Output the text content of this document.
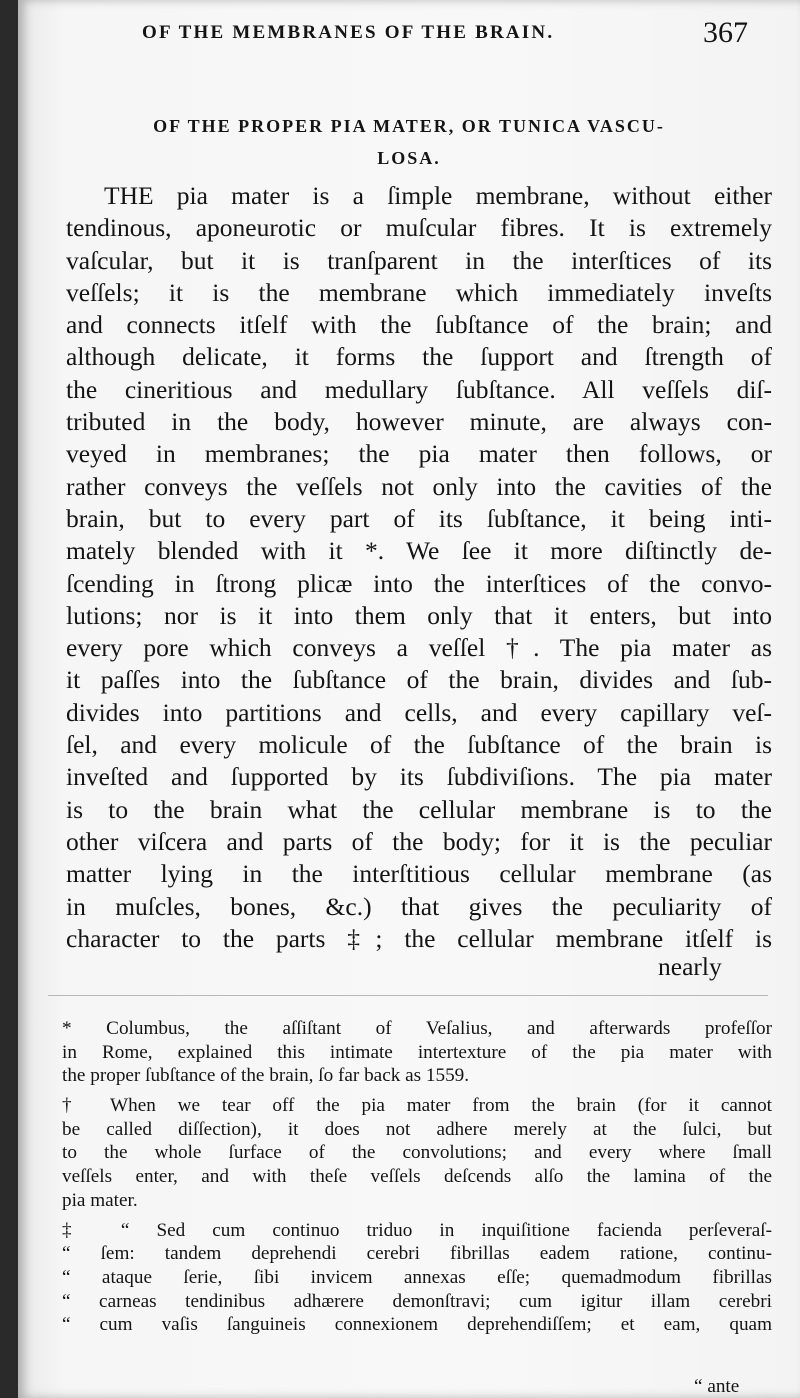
OF THE MEMBRANES OF THE BRAIN.	367
OF THE PROPER PIA MATER, OR TUNICA VASCU-
LOSA.
THE pia mater is a ſimple membrane, without either
tendinous, aponeurotic or muſcular fibres. It is extremely
vaſcular, but it is tranſparent in the interſtices of its
veſſels; it is the membrane which immediately inveſts
and connects itſelf with the ſubſtance of the brain; and
although delicate, it forms the ſupport and ſtrength of
the cineritious and medullary ſubſtance. All veſſels diſ-
tributed in the body, however minute, are always con-
veyed in membranes; the pia mater then follows, or
rather conveys the veſſels not only into the cavities of the
brain, but to every part of its ſubſtance, it being inti-
mately blended with it *. We ſee it more diſtinctly de-
ſcending in ſtrong plicæ into the interſtices of the convo-
lutions; nor is it into them only that it enters, but into
every pore which conveys a veſſel †. The pia mater as
it paſſes into the ſubſtance of the brain, divides and ſub-
divides into partitions and cells, and every capillary veſ-
ſel, and every molicule of the ſubſtance of the brain is
inveſted and ſupported by its ſubdiviſions. The pia mater
is to the brain what the cellular membrane is to the
other viſcera and parts of the body; for it is the peculiar
matter lying in the interſtitious cellular membrane (as
in muſcles, bones, &c.) that gives the peculiarity of
character to the parts ‡; the cellular membrane itſelf is
nearly
* Columbus, the aſſiſtant of Veſalius, and afterwards profeſſor
in Rome, explained this intimate intertexture of the pia mater with
the proper ſubſtance of the brain, ſo far back as 1559.
† When we tear off the pia mater from the brain (for it cannot
be called diſſection), it does not adhere merely at the ſulci, but
to the whole ſurface of the convolutions; and every where ſmall
veſſels enter, and with theſe veſſels deſcends alſo the lamina of the
pia mater.
‡ “ Sed cum continuo triduo in inquiſitione facienda perſeveraſ-
“ ſem: tandem deprehendi cerebri fibrillas eadem ratione, continu-
“ ataque ſerie, ſibi invicem annexas eſſe; quemadmodum fibrillas
“ carneas tendinibus adhærere demonſtravi; cum igitur illam cerebri
“ cum vaſis ſanguineis connexionem deprehendiſſem; et eam, quam
“ ante
